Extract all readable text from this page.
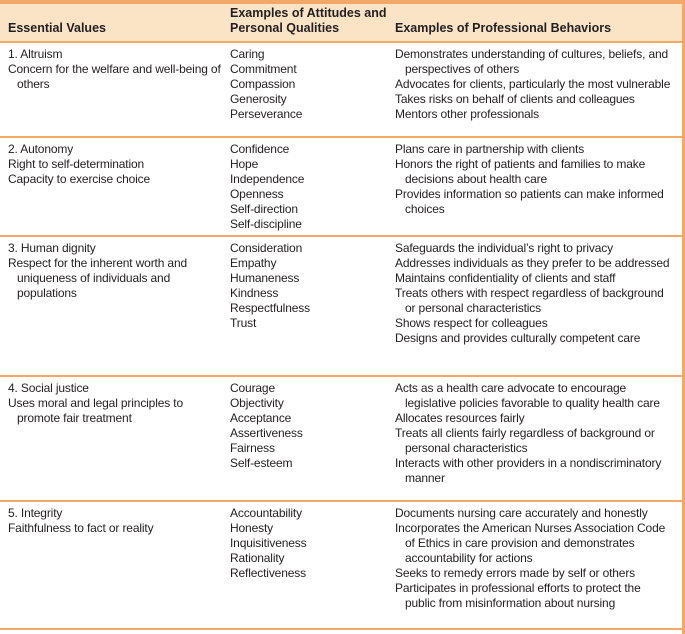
Essential Values
Examples of Attitudes and Personal Qualities	Examples of Professional Behaviors
1. Altruism
Concern for the welfare and well-being of others
Caring
Commitment
Compassion
Generosity
Perseverance
Demonstrates understanding of cultures, beliefs, and perspectives of others
Advocates for clients, particularly the most vulnerable
Takes risks on behalf of clients and colleagues
Mentors other professionals
2. Autonomy
Right to self-determination
Capacity to exercise choice
Confidence
Hope
Independence
Openness
Self-direction
Self-discipline
Plans care in partnership with clients
Honors the right of patients and families to make decisions about health care
Provides information so patients can make informed choices
3. Human dignity
Respect for the inherent worth and uniqueness of individuals and populations
Consideration
Empathy
Humaneness
Kindness
Respectfulness
Trust
Safeguards the individual’s right to privacy
Addresses individuals as they prefer to be addressed
Maintains confidentiality of clients and staff
Treats others with respect regardless of background or personal characteristics
Shows respect for colleagues
Designs and provides culturally competent care
4. Social justice
Uses moral and legal principles to promote fair treatment
Courage
Objectivity
Acceptance
Assertiveness
Fairness
Self-esteem
Acts as a health care advocate to encourage legislative policies favorable to quality health care
Allocates resources fairly
Treats all clients fairly regardless of background or personal characteristics
Interacts with other providers in a nondiscriminatory manner
5. Integrity
Faithfulness to fact or reality
Accountability
Honesty
Inquisitiveness
Rationality
Reflectiveness
Documents nursing care accurately and honestly
Incorporates the American Nurses Association Code of Ethics in care provision and demonstrates accountability for actions
Seeks to remedy errors made by self or others
Participates in professional efforts to protect the public from misinformation about nursing
